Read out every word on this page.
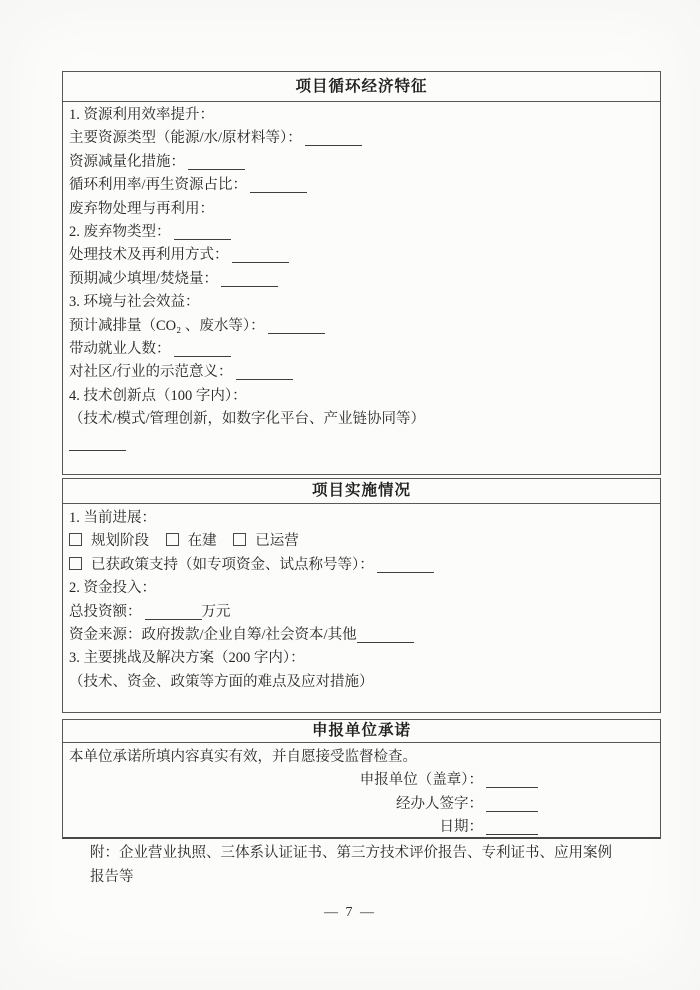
项目循环经济特征
1. 资源利用效率提升：
主要资源类型（能源/水/原材料等）：
资源减量化措施：
循环利用率/再生资源占比：
废弃物处理与再利用：
2. 废弃物类型：
处理技术及再利用方式：
预期减少填埋/焚烧量：
3. 环境与社会效益：
预计减排量（CO₂ 、废水等）：
带动就业人数：
对社区/行业的示范意义：
4. 技术创新点（100 字内）：
（技术/模式/管理创新，如数字化平台、产业链协同等）
项目实施情况
1. 当前进展：
规划阶段	在建	已运营
已获政策支持（如专项资金、试点称号等）：
2. 资金投入：
总投资额：	万元
资金来源：政府拨款/企业自筹/社会资本/其他
3. 主要挑战及解决方案（200 字内）：
（技术、资金、政策等方面的难点及应对措施）
申报单位承诺
本单位承诺所填内容真实有效，并自愿接受监督检查。
申报单位（盖章）：
经办人签字：
日期：
附：企业营业执照、三体系认证证书、第三方技术评价报告、专利证书、应用案例报告等
— 7 —
